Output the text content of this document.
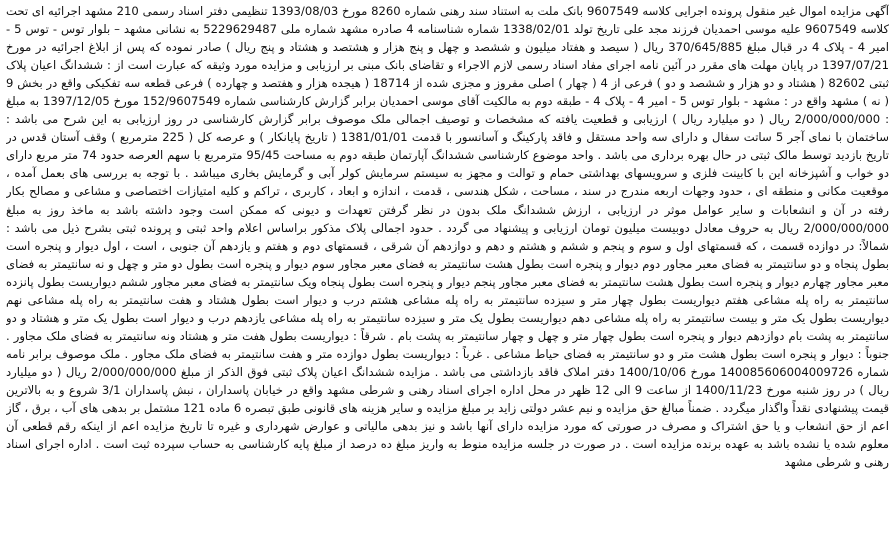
آگهی مزایده اموال غیر منقول پرونده اجرایی کلاسه 9607549 بانک ملت به استناد سند رهنی شماره 8260 مورخ 1393/08/03 تنظیمی دفتر اسناد رسمی 210 مشهد اجرائیه ای تحت کلاسه 9607549 علیه موسی احمدیان فرزند مجد علی تاریخ تولد 1338/02/01 شماره شناسنامه 4 صادره مشهد شماره ملی 5229629487 به نشانی مشهد – بلوار توس - توس 5 - امیر 4 - پلاک 4 در قبال مبلغ 370/645/885 ریال ( سیصد و هفتاد میلیون و ششصد و چهل و پنج هزار و هشتصد و هشتاد و پنج ریال ) صادر نموده که پس از ابلاغ اجرائیه در مورخ 1397/07/21 در پایان مهلت های مقرر در آئین نامه اجرای مفاد اسناد رسمی لازم الاجراء و تقاضای بانک مبنی بر ارزیابی و مزایده مورد وثیقه که عبارت است از : ششدانگ اعیان پلاک ثبتی 82602 ( هشتاد و دو هزار و ششصد و دو ) فرعی از 4 ( چهار ) اصلی مفروز و مجزی شده از 18714 ( هیجده هزار و هفتصد و چهارده ) فرعی قطعه سه تفکیکی واقع در بخش 9 ( نه ) مشهد واقع در : مشهد - بلوار توس 5 - امیر 4 - پلاک 4 - طبقه دوم به مالکیت آقای موسی احمدیان برابر گزارش کارشناسی شماره 152/9607549 مورخ 1397/12/05 به مبلغ : 2/000/000/000 ریال ( دو میلیارد ریال ) ارزیابی و قطعیت یافته که مشخصات و توصیف اجمالی ملک موصوف برابر گزارش کارشناسی در روز ارزیابی به این شرح می باشد : ساختمان با نمای آجر 5 ساتت سفال و دارای سه واحد مستقل و فاقد پارکینگ و آسانسور با قدمت 1381/01/01 ( تاریخ پایانکار ) و عرصه کل ( 225 مترمربع ) وقف آستان قدس در تاریخ بازدید توسط مالک ثبتی در حال بهره برداری می باشد . واحد موضوع کارشناسی ششدانگ آپارتمان طبقه دوم به مساحت 95/45 مترمربع با سهم العرصه حدود 74 متر مربع دارای دو خواب و آشپزخانه این با کابینت فلزی و سرویسهای بهداشتی حمام و توالت و مجهز به سیستم سرمایش کولر آبی و گرمایش بخاری میباشد . با توجه به بررسی های بعمل آمده ، موقعیت مکانی و منطقه ای ، حدود وجهات اربعه مندرج در سند ، مساحت ، شکل هندسی ، قدمت ، اندازه و ابعاد ، کاربری ، تراکم و کلیه امتیازات اختصاصی و مشاعی و مصالح بکار رفته در آن و انشعابات و سایر عوامل موثر در ارزیابی ، ارزش ششدانگ ملک بدون در نظر گرفتن تعهدات و دیونی که ممکن است وجود داشته باشد به ماخذ روز به مبلغ 2/000/000/000 ریال به حروف معادل دوبیست میلیون تومان ارزیابی و پیشنهاد می گردد . حدود اجمالی پلاک مذکور براساس اعلام واحد ثبتی و پرونده ثبتی بشرح ذیل می باشد : شمالاً: در دوازده قسمت ، که قسمتهای اول و سوم و پنجم و ششم و هشتم و دهم و دوازدهم آن شرقی ، قسمتهای دوم و هفتم و یازدهم آن جنوبی ، است ، اول دیوار و پنجره است بطول پنجاه و دو سانتیمتر به فضای معبر مجاور دوم دیوار و پنجره است بطول هشت سانتیمتر به فضای معبر مجاور سوم دیوار و پنجره است بطول دو متر و چهل و نه سانتیمتر به فضای معبر مجاور چهارم دیوار و پنجره است بطول هشت سانتیمتر به فضای معبر مجاور پنجم دیوار و پنجره است بطول پنجاه ویک سانتیمتر به فضای معبر مجاور ششم دیواریست بطول پانزده سانتیمتر به راه پله مشاعی هفتم دیواریست بطول چهار متر و سیزده سانتیمتر به راه پله مشاعی هشتم درب و دیوار است بطول هشتاد و هفت سانتیمتر به راه پله مشاعی نهم دیواریست بطول یک متر و بیست سانتیمتر به راه پله مشاعی دهم دیواریست بطول یک متر و سیزده سانتیمتر به راه پله مشاعی یازدهم درب و دیوار است بطول یک متر و هشتاد و دو سانتیمتر به پشت بام دوازدهم دیوار و پنجره است بطول چهار متر و چهل و چهار سانتیمتر به پشت بام . شرقاً : دیواریست بطول هفت متر و هشتاد ونه سانتیمتر به فضای ملک مجاور . جنوباً : دیوار و پنجره است بطول هشت متر و دو سانتیمتر به فضای حیاط مشاعی . غرباً : دیواریست بطول دوازده متر و هفت سانتیمتر به فضای ملک مجاور . ملک موصوف برابر نامه شماره 140085606004009726 مورخ 1400/10/06 دفتر املاک فاقد بازداشتی می باشد . مزایده ششدانگ اعیان پلاک ثبتی فوق الذکر از مبلغ 2/000/000/000 ریال ( دو میلیارد ریال ) در روز شنبه مورخ 1400/11/23 از ساعت 9 الی 12 ظهر در محل اداره اجرای اسناد رهنی و شرطی مشهد واقع در خیابان پاسداران ، نبش پاسداران 3/1 شروع و به بالاترین قیمت پیشنهادی نقداً واگذار میگردد . ضمناً مبالغ حق مزایده و نیم عشر دولتی زاید بر مبلغ مزایده و سایر هزینه های قانونی طبق تبصره 6 ماده 121 مشتمل بر بدهی های آب ، برق ، گاز اعم از حق انشعاب و یا حق اشتراک و مصرف در صورتی که مورد مزایده دارای آنها باشد و نیز بدهی مالیاتی و عوارض شهرداری و غیره تا تاریخ مزایده اعم از اینکه رقم قطعی آن معلوم شده یا نشده باشد به عهده برنده مزایده است . در صورت در جلسه مزایده منوط به واریز مبلغ ده درصد از مبلغ پایه کارشناسی به حساب سپرده ثبت است . اداره اجرای اسناد رهنی و شرطی مشهد
